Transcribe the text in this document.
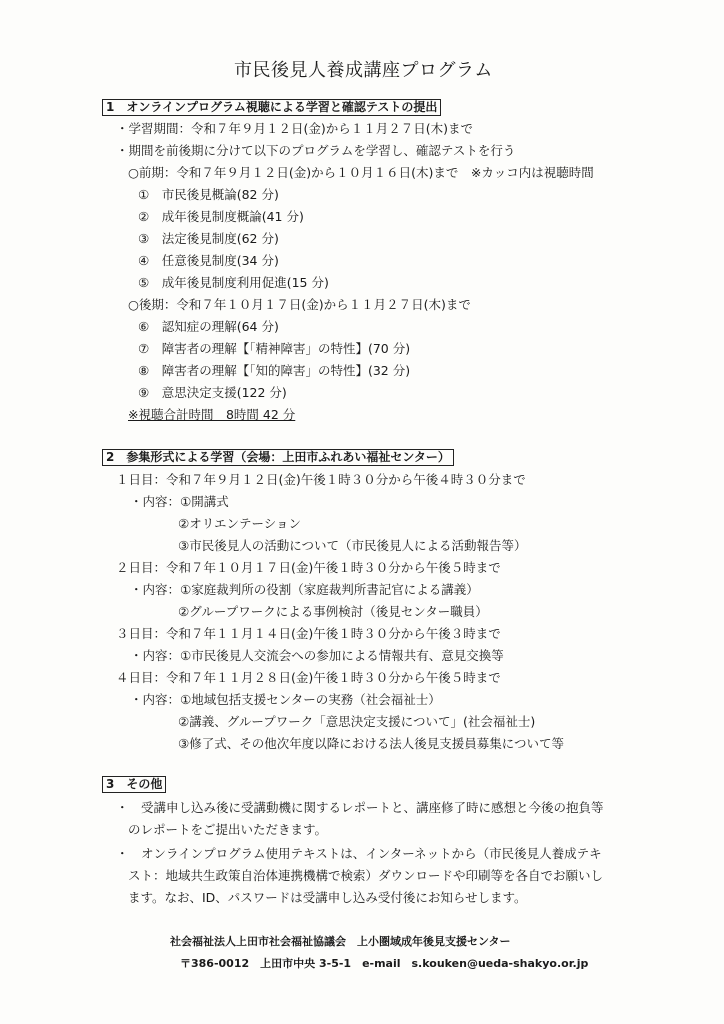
市民後見人養成講座プログラム
1　オンラインプログラム視聴による学習と確認テストの提出
・学習期間：令和７年９月１２日(金)から１１月２７日(木)まで
・期間を前後期に分けて以下のプログラムを学習し、確認テストを行う
○前期：令和７年９月１２日(金)から１０月１６日(木)まで　※カッコ内は視聴時間
①　市民後見概論(82 分)
②　成年後見制度概論(41 分)
③　法定後見制度(62 分)
④　任意後見制度(34 分)
⑤　成年後見制度利用促進(15 分)
○後期：令和７年１０月１７日(金)から１１月２７日(木)まで
⑥　認知症の理解(64 分)
⑦　障害者の理解【「精神障害」の特性】(70 分)
⑧　障害者の理解【「知的障害」の特性】(32 分)
⑨　意思決定支援(122 分)
※視聴合計時間　8時間 42 分
2　参集形式による学習（会場：上田市ふれあい福祉センター）
１日目：令和７年９月１２日(金)午後１時３０分から午後４時３０分まで
・内容：①開講式
②オリエンテーション
③市民後見人の活動について（市民後見人による活動報告等）
２日目：令和７年１０月１７日(金)午後１時３０分から午後５時まで
・内容：①家庭裁判所の役割（家庭裁判所書記官による講義）
②グループワークによる事例検討（後見センター職員）
３日目：令和７年１１月１４日(金)午後１時３０分から午後３時まで
・内容：①市民後見人交流会への参加による情報共有、意見交換等
４日目：令和７年１１月２８日(金)午後１時３０分から午後５時まで
・内容：①地域包括支援センターの実務（社会福祉士）
②講義、グループワーク「意思決定支援について」(社会福祉士)
③修了式、その他次年度以降における法人後見支援員募集について等
3　その他
・　受講申し込み後に受講動機に関するレポートと、講座修了時に感想と今後の抱負等
のレポートをご提出いただきます。
・　オンラインプログラム使用テキストは、インターネットから（市民後見人養成テキ
スト：地域共生政策自治体連携機構で検索）ダウンロードや印刷等を各自でお願いし
ます。なお、ID、パスワードは受講申し込み受付後にお知らせします。
社会福祉法人上田市社会福祉協議会　上小圏域成年後見支援センター
〒386-0012　上田市中央 3-5-1　e-mail　s.kouken@ueda-shakyo.or.jp
